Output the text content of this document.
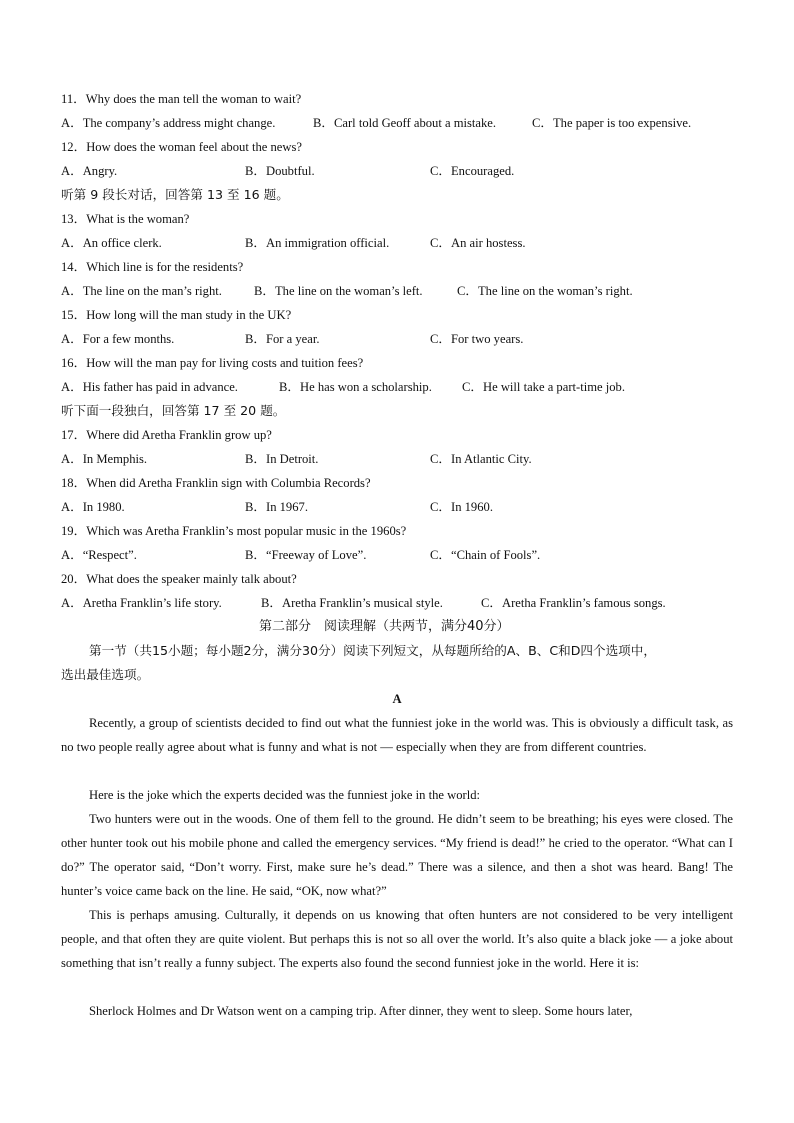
11．Why does the man tell the woman to wait?
A．The company’s address might change.	B．Carl told Geoff about a mistake.	C．The paper is too expensive.
12．How does the woman feel about the news?
A．Angry.	B．Doubtful.	C．Encouraged.
听第 9 段长对话，回答第 13 至 16 题。
13．What is the woman?
A．An office clerk.	B．An immigration official.	C．An air hostess.
14．Which line is for the residents?
A．The line on the man’s right.	B．The line on the woman’s left.	C．The line on the woman’s right.
15．How long will the man study in the UK?
A．For a few months.	B．For a year.	C．For two years.
16．How will the man pay for living costs and tuition fees?
A．His father has paid in advance.	B．He has won a scholarship. C．He will take a part-time job.
听下面一段独白，回答第 17 至 20 题。
17．Where did Aretha Franklin grow up?
A．In Memphis.	B．In Detroit.	C．In Atlantic City.
18．When did Aretha Franklin sign with Columbia Records?
A．In 1980.	B．In 1967.	C．In 1960.
19．Which was Aretha Franklin’s most popular music in the 1960s?
A．“Respect”.	B．“Freeway of Love”.	C．“Chain of Fools”.
20．What does the speaker mainly talk about?
A．Aretha Franklin’s life story.	B．Aretha Franklin’s musical style.	C．Aretha Franklin’s famous songs.
第二部分　阅读理解（共两节，满分40分）
第一节（共15小题；每小题2分，满分30分）阅读下列短文，从每题所给的A、B、C和D四个选项中，
选出最佳选项。
A
Recently, a group of scientists decided to find out what the funniest joke in the world was. This is obviously a difficult task, as no two people really agree about what is funny and what is not — especially when they are from different countries.
Here is the joke which the experts decided was the funniest joke in the world:
Two hunters were out in the woods. One of them fell to the ground. He didn’t seem to be breathing; his eyes were closed. The other hunter took out his mobile phone and called the emergency services. “My friend is dead!” he cried to the operator. “What can I do?” The operator said, “Don’t worry. First, make sure he’s dead.” There was a silence, and then a shot was heard. Bang! The hunter’s voice came back on the line. He said, “OK, now what?”
This is perhaps amusing. Culturally, it depends on us knowing that often hunters are not considered to be very intelligent people, and that often they are quite violent. But perhaps this is not so all over the world. It’s also quite a black joke — a joke about something that isn’t really a funny subject. The experts also found the second funniest joke in the world. Here it is:
Sherlock Holmes and Dr Watson went on a camping trip. After dinner, they went to sleep. Some hours later,
